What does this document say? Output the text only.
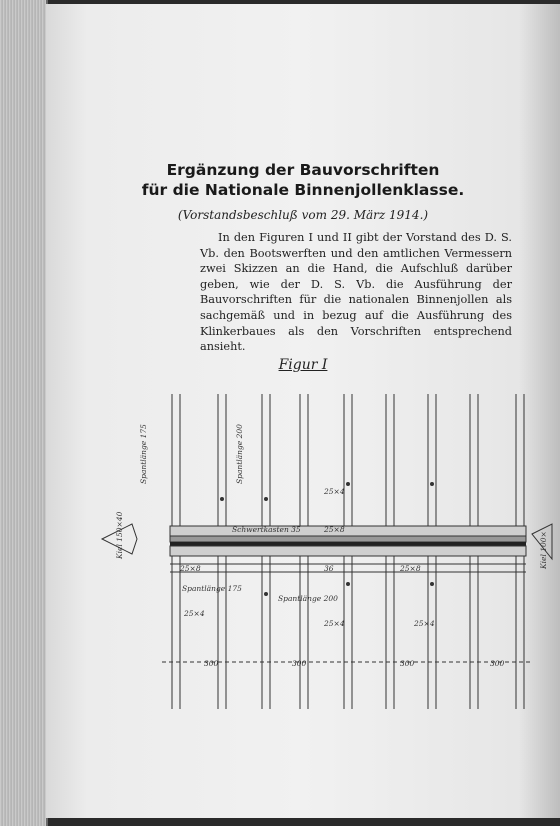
Ergänzung der Bauvorschriften
für die Nationale Binnenjollenklasse.
(Vorstandsbeschluß vom 29. März 1914.)

In den Figuren I und II gibt der Vorstand des D. S. Vb. den Bootswerften und den amtlichen Vermessern zwei Skizzen an die Hand, die Aufschluß darüber geben, wie der D. S. Vb. die Ausführung der Bauvorschriften für die nationalen Binnenjollen als sachgemäß und in bezug auf die Ausführung des Klinkerbaues als den Vorschriften entsprechend ansieht.

Figur I
Spantlänge 175	Spantlänge 200
Kiel 150×40	Kiel 100×
Schwertkasten 35
25×4
25×8
25×8	36	25×8
Spantlänge 175
Spantlänge 200
25×4
25×4	25×4
300	300	300	300
